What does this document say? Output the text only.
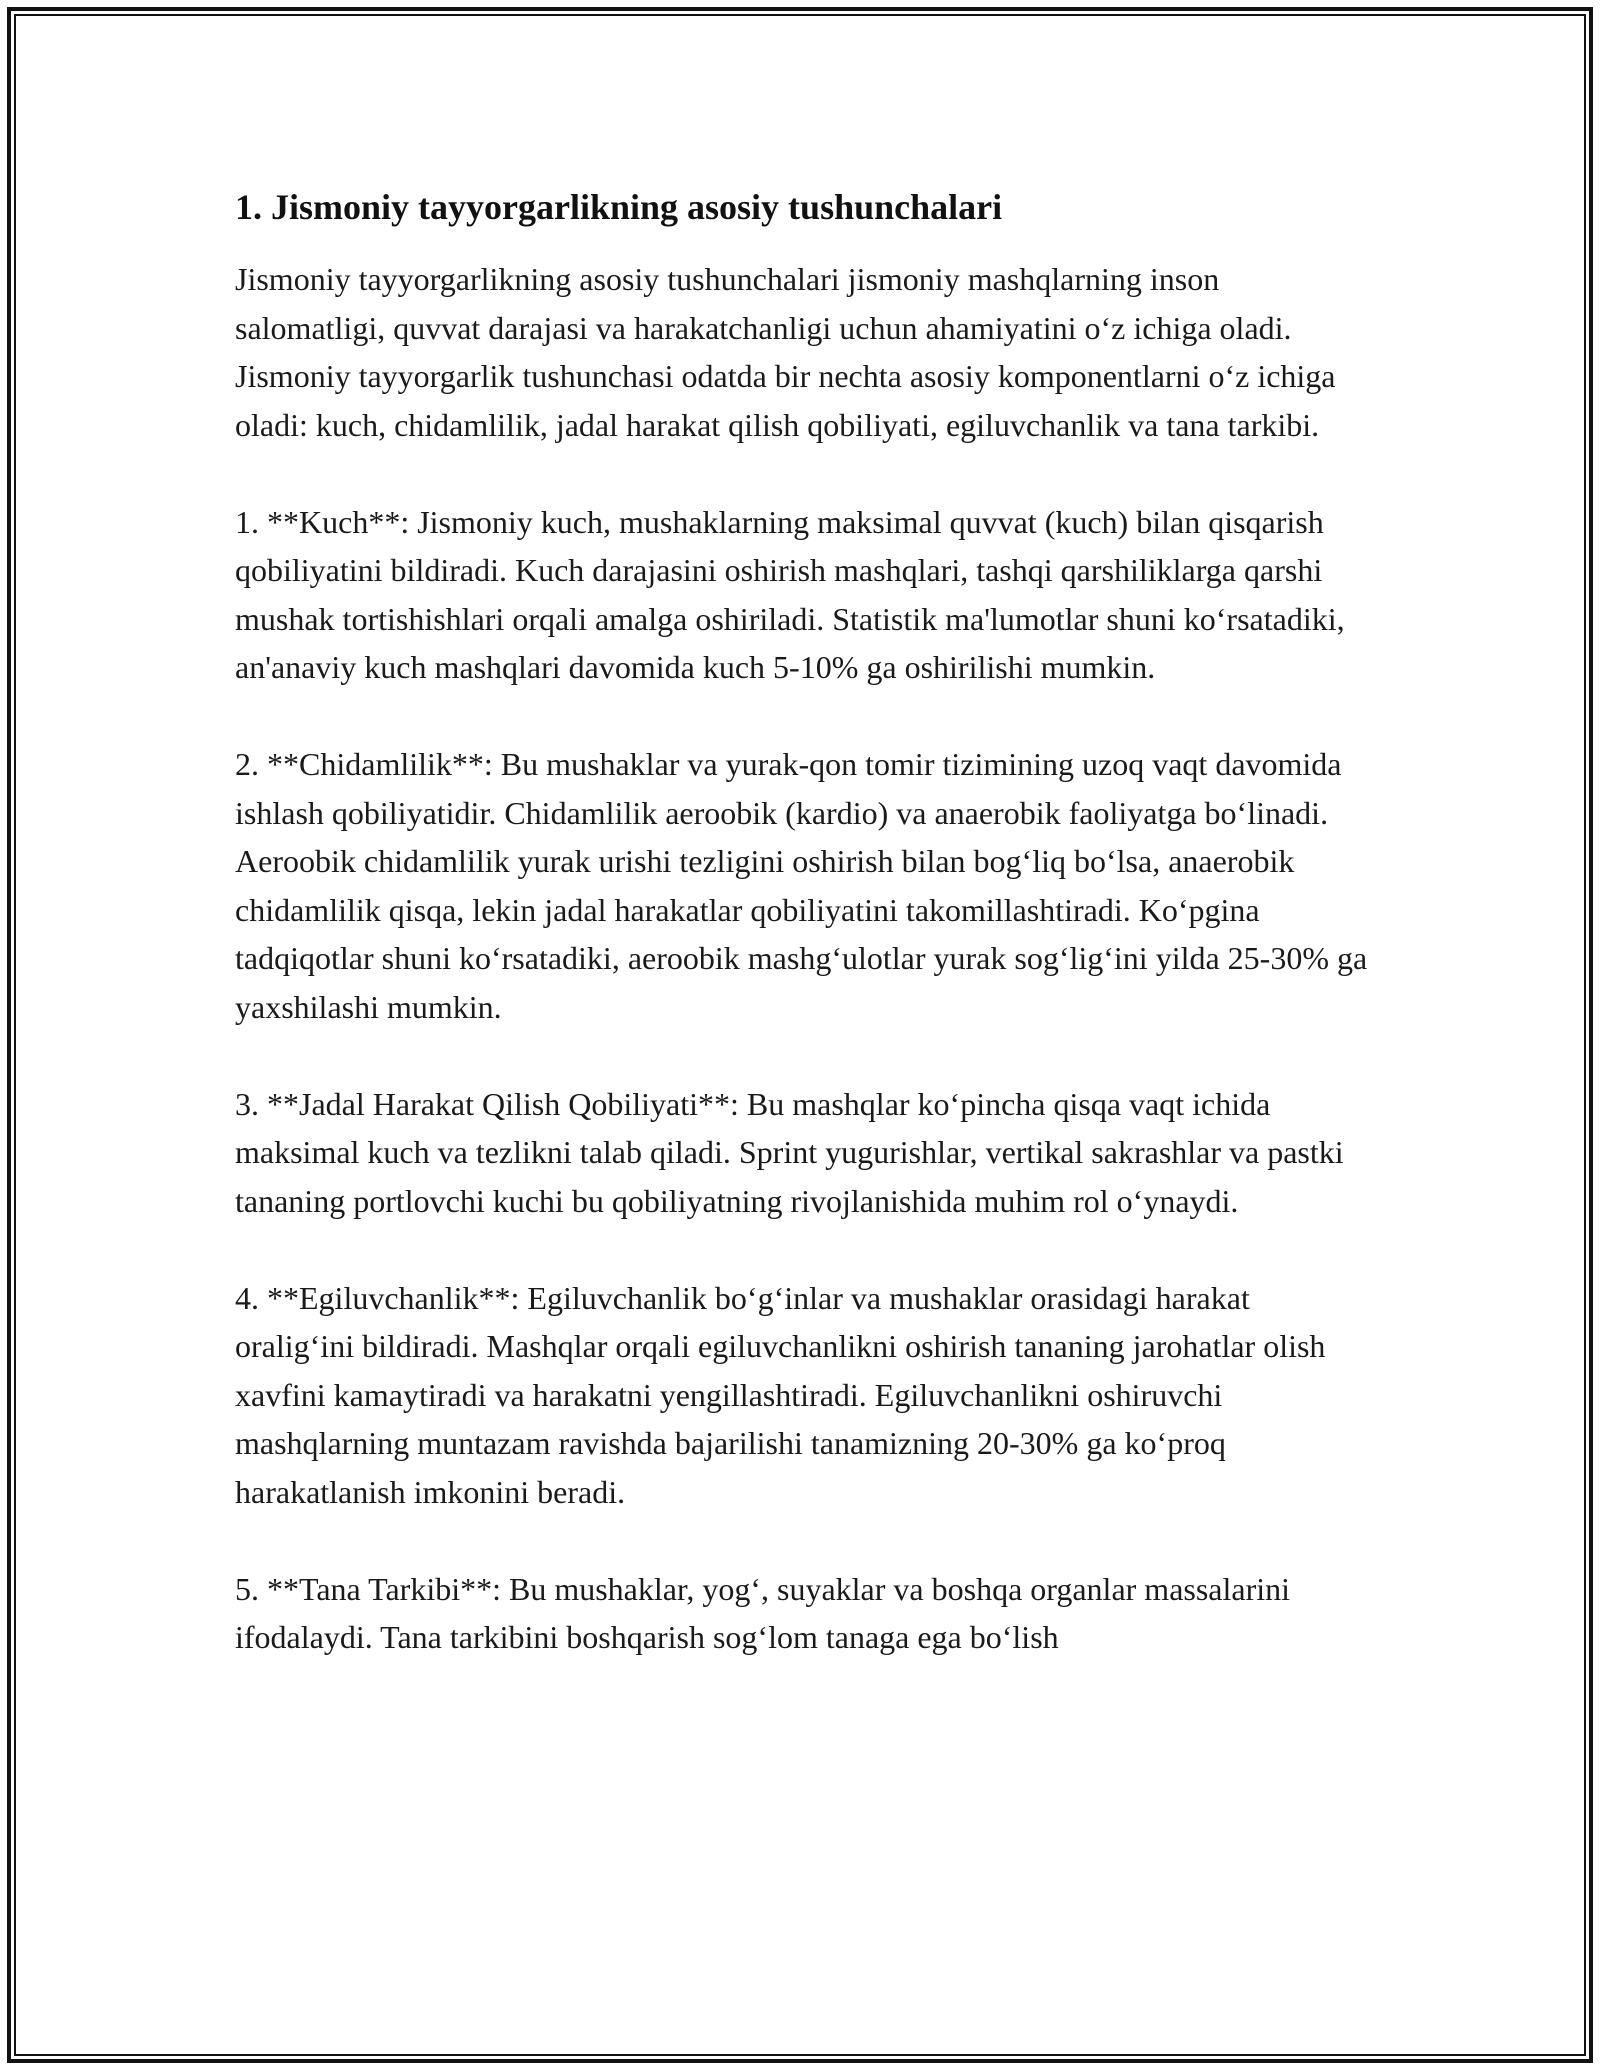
1. Jismoniy tayyorgarlikning asosiy tushunchalari

Jismoniy tayyorgarlikning asosiy tushunchalari jismoniy mashqlarning inson salomatligi, quvvat darajasi va harakatchanligi uchun ahamiyatini o‘z ichiga oladi. Jismoniy tayyorgarlik tushunchasi odatda bir nechta asosiy komponentlarni o‘z ichiga oladi: kuch, chidamlilik, jadal harakat qilish qobiliyati, egiluvchanlik va tana tarkibi.

1. **Kuch**: Jismoniy kuch, mushaklarning maksimal quvvat (kuch) bilan qisqarish qobiliyatini bildiradi. Kuch darajasini oshirish mashqlari, tashqi qarshiliklarga qarshi mushak tortishishlari orqali amalga oshiriladi. Statistik ma'lumotlar shuni ko‘rsatadiki, an'anaviy kuch mashqlari davomida kuch 5-10% ga oshirilishi mumkin.

2. **Chidamlilik**: Bu mushaklar va yurak-qon tomir tizimining uzoq vaqt davomida ishlash qobiliyatidir. Chidamlilik aeroobik (kardio) va anaerobik faoliyatga bo‘linadi. Aeroobik chidamlilik yurak urishi tezligini oshirish bilan bog‘liq bo‘lsa, anaerobik chidamlilik qisqa, lekin jadal harakatlar qobiliyatini takomillashtiradi. Ko‘pgina tadqiqotlar shuni ko‘rsatadiki, aeroobik mashg‘ulotlar yurak sog‘lig‘ini yilda 25-30% ga yaxshilashi mumkin.

3. **Jadal Harakat Qilish Qobiliyati**: Bu mashqlar ko‘pincha qisqa vaqt ichida maksimal kuch va tezlikni talab qiladi. Sprint yugurishlar, vertikal sakrashlar va pastki tananing portlovchi kuchi bu qobiliyatning rivojlanishida muhim rol o‘ynaydi.

4. **Egiluvchanlik**: Egiluvchanlik bo‘g‘inlar va mushaklar orasidagi harakat oralig‘ini bildiradi. Mashqlar orqali egiluvchanlikni oshirish tananing jarohatlar olish xavfini kamaytiradi va harakatni yengillashtiradi. Egiluvchanlikni oshiruvchi mashqlarning muntazam ravishda bajarilishi tanamizning 20-30% ga ko‘proq harakatlanish imkonini beradi.

5. **Tana Tarkibi**: Bu mushaklar, yog‘, suyaklar va boshqa organlar massalarini ifodalaydi. Tana tarkibini boshqarish sog‘lom tanaga ega bo‘lish
